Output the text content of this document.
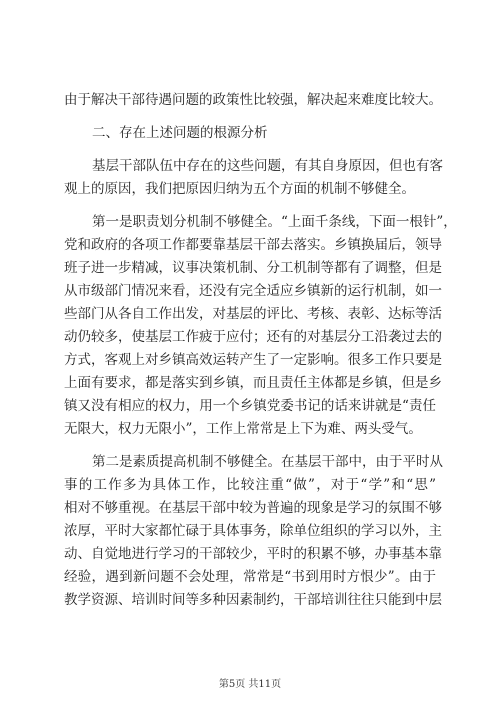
由于解决干部待遇问题的政策性比较强，解决起来难度比较大。
二、存在上述问题的根源分析
基层干部队伍中存在的这些问题，有其自身原因，但也有客
观上的原因，我们把原因归纳为五个方面的机制不够健全。
第一是职责划分机制不够健全。“上面千条线，下面一根针”，
党和政府的各项工作都要靠基层干部去落实。乡镇换届后，领导
班子进一步精减，议事决策机制、分工机制等都有了调整，但是
从市级部门情况来看，还没有完全适应乡镇新的运行机制，如一
些部门从各自工作出发，对基层的评比、考核、表彰、达标等活
动仍较多，使基层工作疲于应付；还有的对基层分工沿袭过去的
方式，客观上对乡镇高效运转产生了一定影响。很多工作只要是
上面有要求，都是落实到乡镇，而且责任主体都是乡镇，但是乡
镇又没有相应的权力，用一个乡镇党委书记的话来讲就是“责任
无限大，权力无限小”，工作上常常是上下为难、两头受气。
第二是素质提高机制不够健全。在基层干部中，由于平时从
事的工作多为具体工作，比较注重“做”，对于“学”和“思”
相对不够重视。在基层干部中较为普遍的现象是学习的氛围不够
浓厚，平时大家都忙碌于具体事务，除单位组织的学习以外，主
动、自觉地进行学习的干部较少，平时的积累不够，办事基本靠
经验，遇到新问题不会处理，常常是“书到用时方恨少”。由于
教学资源、培训时间等多种因素制约，干部培训往往只能到中层
第5页 共11页
